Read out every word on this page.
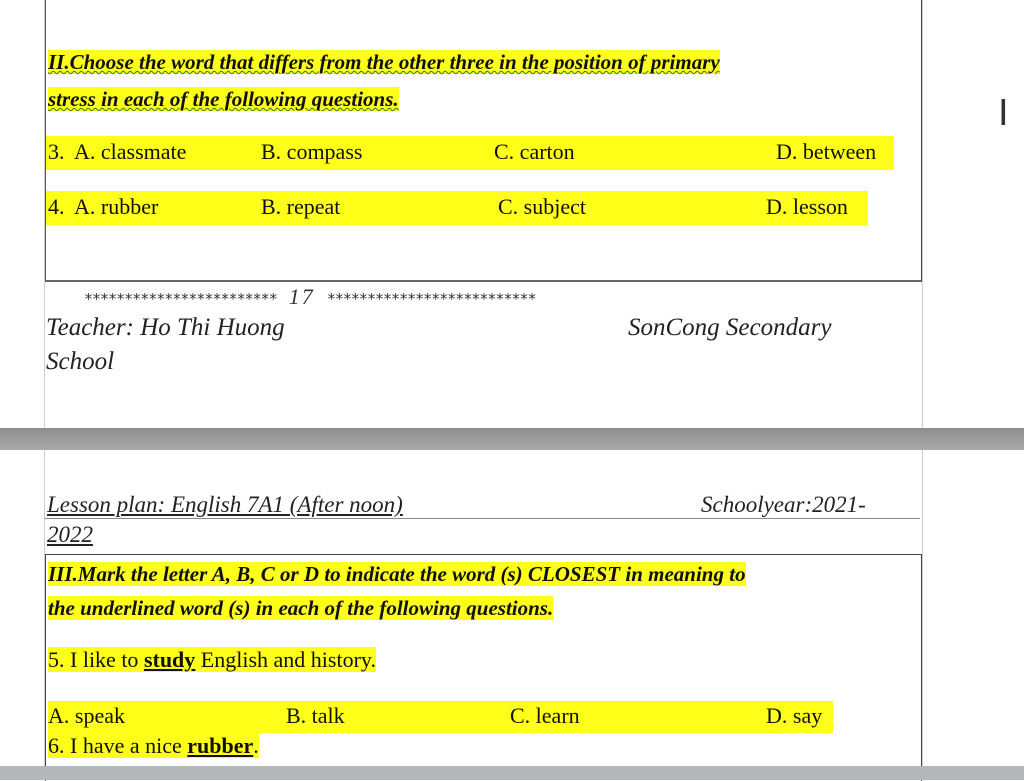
II.Choose the word that differs from the other three in the position of primary
stress in each of the following questions.
3. A. classmate	B. compass	C. carton	D. between
4. A. rubber	B. repeat	C. subject	D. lesson
************************ 17 **************************
Teacher: Ho Thi Huong	SonCong Secondary
School
I
Lesson plan: English 7A1 (After noon)	Schoolyear:2021-
2022
III.Mark the letter A, B, C or D to indicate the word (s) CLOSEST in meaning to
the underlined word (s) in each of the following questions.
5. I like to study English and history.
A. speak	B. talk	C. learn	D. say
6. I have a nice rubber.
